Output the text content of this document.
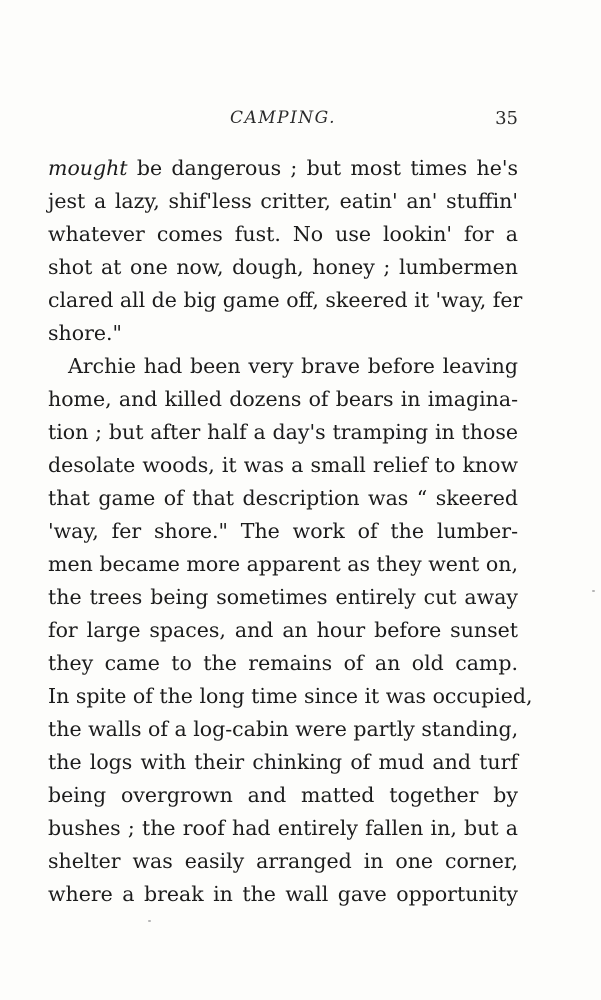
CAMPING.	35
mought be dangerous ; but most times he's
jest a lazy, shif'less critter, eatin' an' stuffin'
whatever comes fust. No use lookin' for a
shot at one now, dough, honey ; lumbermen
clared all de big game off, skeered it 'way, fer
shore."
Archie had been very brave before leaving
home, and killed dozens of bears in imagina-
tion ; but after half a day's tramping in those
desolate woods, it was a small relief to know
that game of that description was “ skeered
'way, fer shore." The work of the lumber-
men became more apparent as they went on,
the trees being sometimes entirely cut away
for large spaces, and an hour before sunset
they came to the remains of an old camp.
In spite of the long time since it was occupied,
the walls of a log-cabin were partly standing,
the logs with their chinking of mud and turf
being overgrown and matted together by
bushes ; the roof had entirely fallen in, but a
shelter was easily arranged in one corner,
where a break in the wall gave opportunity
